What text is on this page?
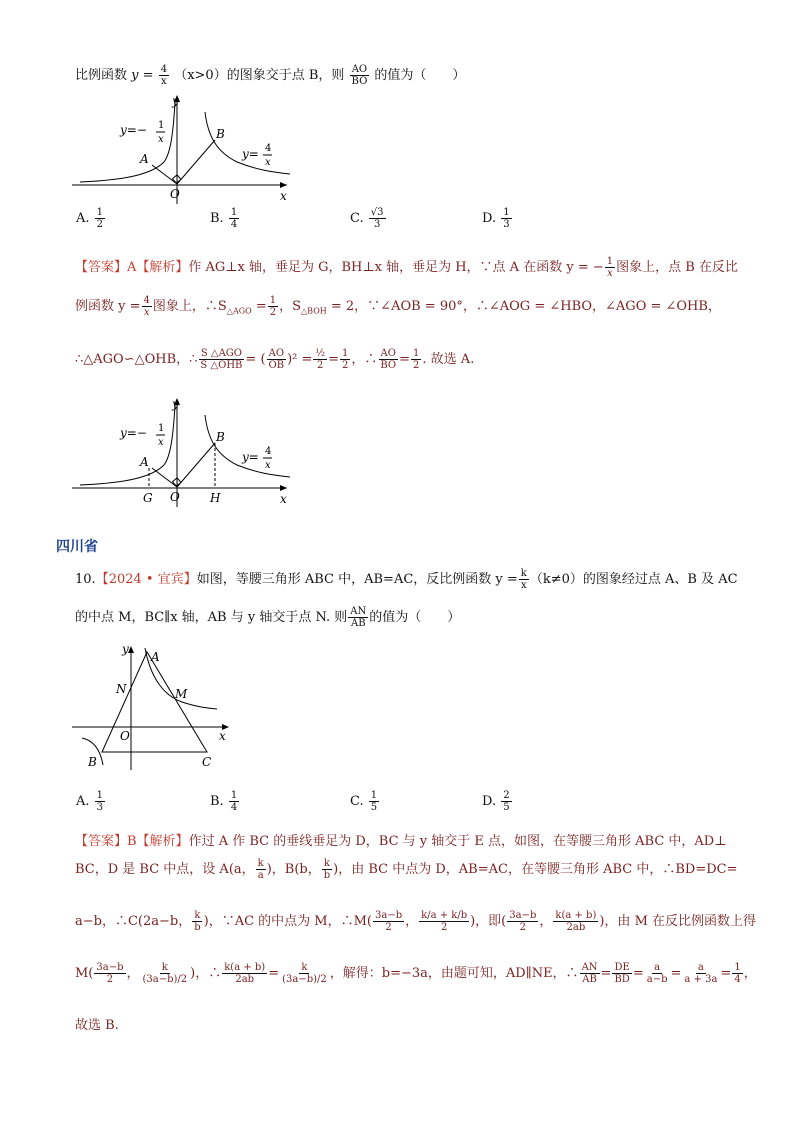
比例函数 $y = \frac{4}{x} (x>0)$的图象交于点 B，则 $\frac{AO}{BO}$ 的值为（　　）
y
x
O
A
B
y=− 1
x
y= 4
x
A. $\frac{1}{2}$	B. $\frac{1}{4}$	C. $\frac{√3}{3}$	D. $\frac{1}{3}$
【答案】A【解析】作 AG⊥x 轴，垂足为 G，BH⊥x 轴，垂足为 H，∵点 A 在函数 y = − $\frac{1}{x}$ 图象上，点 B 在反比
例函数 $y = \frac{4}{x}$ 图象上，$\therefore S_{\triangle AGO} = \frac{1}{2}$ ，$S_{\triangle BOH} = 2$，∵∠AOB = 90°，∴∠AOG = ∠HBO，∠AGO = ∠OHB，
∴△AGO∽△OHB，∴ $\frac{\text{S △AGO}}{\text{S △OHB}}$ = ( $\frac{AO}{OB} )^2 = \frac{\text{½}}{2} = \frac{1}{2}$ ，∴ $\frac{AO}{BO} = \frac{1}{2}$ . 故选 A.
y
x
O
A
B
G	H
y=− 1
x
y= 4
x
四川省
10.【2024 • 宜宾】如图，等腰三角形 ABC 中，AB=AC，反比例函数 $y = \frac{k}{x} (k\ne 0)$的图象经过点 A、B 及 AC
的中点 M，BC∥x 轴，AB 与 y 轴交于点 N. 则 $\frac{AN}{AB}$ 的值为（　　）
y
x
O
A
N	M
B	C
A. $\frac{1}{3}$	B. $\frac{1}{4}$	C. $\frac{1}{5}$	D. $\frac{2}{5}$
【答案】B【解析】作过 A 作 BC 的垂线垂足为 D，BC 与 y 轴交于 E 点，如图，在等腰三角形 ABC 中，AD⊥
BC，D 是 BC 中点，设 A(a， $\frac{k}{a}$ )，B(b， $\frac{k}{b}$ )，由 BC 中点为 D，AB=AC，在等腰三角形 ABC 中，∴BD=DC=
a−b，∴C(2a−b， $\frac{k}{b}$ )，∵AC 的中点为 M，∴M( $\frac{3a-b}{2}$ ， $\frac{k/a + k/b}{2}$ )，即( $\frac{3a-b}{2}$ ， $\frac{k(a + b)}{2ab}$ )，由 M 在反比例函数上得
$M( \frac{3a-b}{2}$ ， $\frac{k}{(3a-b)/2}$ )，∴ $\frac{k(a + b)}{2ab} = \frac{k}{(3a-b)/2}$ ，解得：b=−3a，由题可知，AD∥NE，∴ $\frac{AN}{AB} = \frac{DE}{BD} = \frac{a}{a-b} = \frac{a}{a + 3a} = \frac{1}{4}$ ，
故选 B.
